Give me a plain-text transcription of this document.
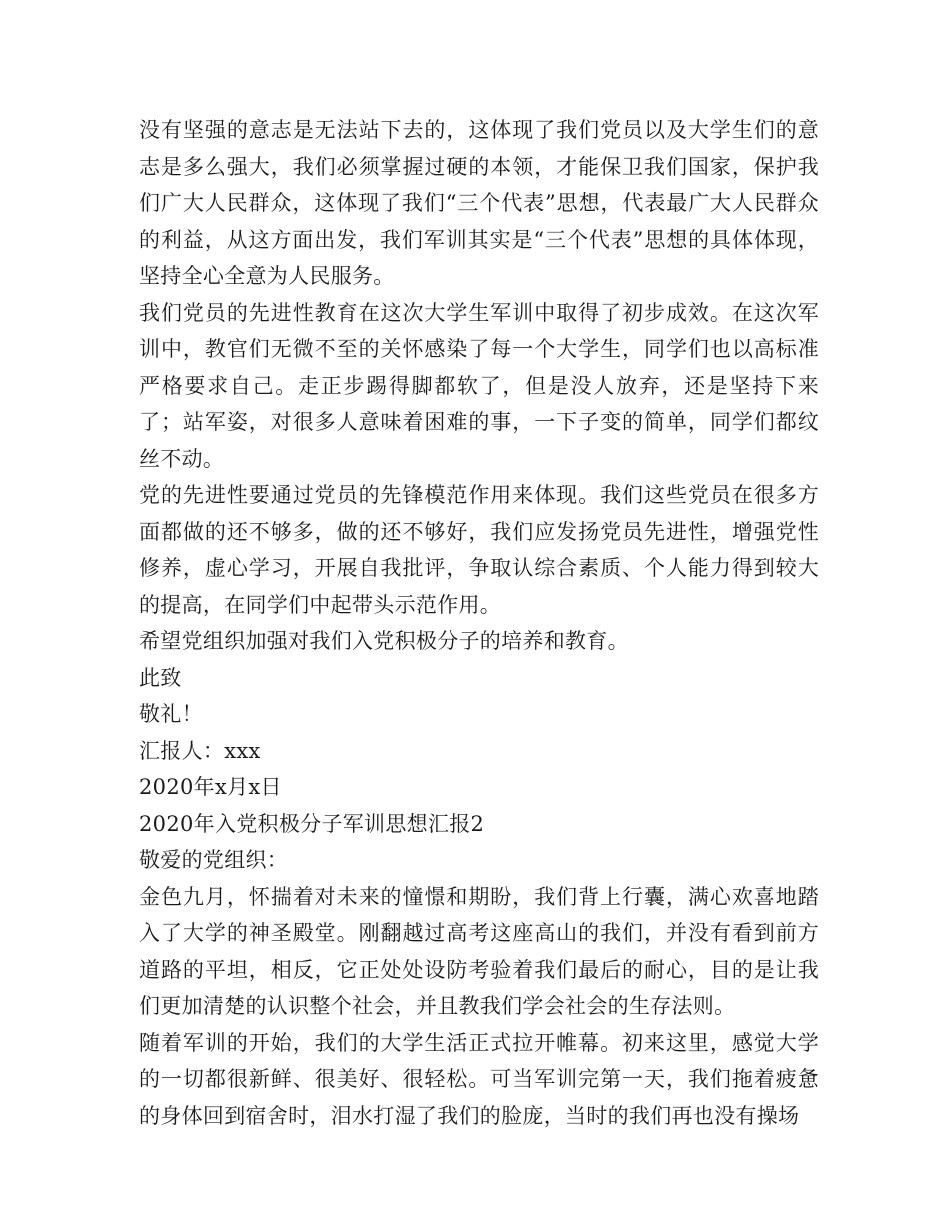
没有坚强的意志是无法站下去的，这体现了我们党员以及大学生们的意志是多么强大，我们必须掌握过硬的本领，才能保卫我们国家，保护我们广大人民群众，这体现了我们“三个代表”思想，代表最广大人民群众的利益，从这方面出发，我们军训其实是“三个代表”思想的具体体现，坚持全心全意为人民服务。

我们党员的先进性教育在这次大学生军训中取得了初步成效。在这次军训中，教官们无微不至的关怀感染了每一个大学生，同学们也以高标准严格要求自己。走正步踢得脚都软了，但是没人放弃，还是坚持下来了；站军姿，对很多人意味着困难的事，一下子变的简单，同学们都纹丝不动。

党的先进性要通过党员的先锋模范作用来体现。我们这些党员在很多方面都做的还不够多，做的还不够好，我们应发扬党员先进性，增强党性修养，虚心学习，开展自我批评，争取认综合素质、个人能力得到较大的提高，在同学们中起带头示范作用。

希望党组织加强对我们入党积极分子的培养和教育。

此致

敬礼！

汇报人：xxx

2020年x月x日

2020年入党积极分子军训思想汇报2

敬爱的党组织：

金色九月，怀揣着对未来的憧憬和期盼，我们背上行囊，满心欢喜地踏入了大学的神圣殿堂。刚翻越过高考这座高山的我们，并没有看到前方道路的平坦，相反，它正处处设防考验着我们最后的耐心，目的是让我们更加清楚的认识整个社会，并且教我们学会社会的生存法则。

随着军训的开始，我们的大学生活正式拉开帷幕。初来这里，感觉大学的一切都很新鲜、很美好、很轻松。可当军训完第一天，我们拖着疲惫的身体回到宿舍时，泪水打湿了我们的脸庞，当时的我们再也没有操场
